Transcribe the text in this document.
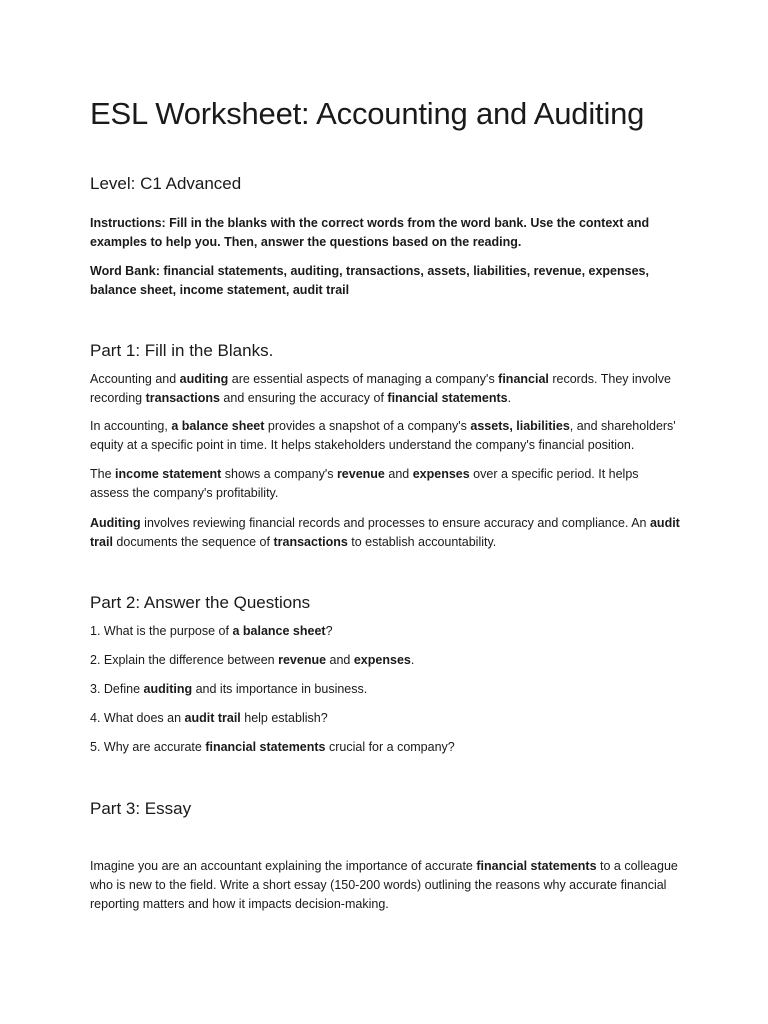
ESL Worksheet: Accounting and Auditing
Level: C1 Advanced

Instructions: Fill in the blanks with the correct words from the word bank. Use the context and examples to help you. Then, answer the questions based on the reading.

Word Bank: financial statements, auditing, transactions, assets, liabilities, revenue, expenses, balance sheet, income statement, audit trail

Part 1: Fill in the Blanks.

Accounting and auditing are essential aspects of managing a company's financial records. They involve recording transactions and ensuring the accuracy of financial statements.

In accounting, a balance sheet provides a snapshot of a company's assets, liabilities, and shareholders' equity at a specific point in time. It helps stakeholders understand the company's financial position.

The income statement shows a company's revenue and expenses over a specific period. It helps assess the company's profitability.

Auditing involves reviewing financial records and processes to ensure accuracy and compliance. An audit trail documents the sequence of transactions to establish accountability.

Part 2: Answer the Questions

1. What is the purpose of a balance sheet?

2. Explain the difference between revenue and expenses.

3. Define auditing and its importance in business.

4. What does an audit trail help establish?

5. Why are accurate financial statements crucial for a company?

Part 3: Essay

Imagine you are an accountant explaining the importance of accurate financial statements to a colleague who is new to the field. Write a short essay (150-200 words) outlining the reasons why accurate financial reporting matters and how it impacts decision-making.
